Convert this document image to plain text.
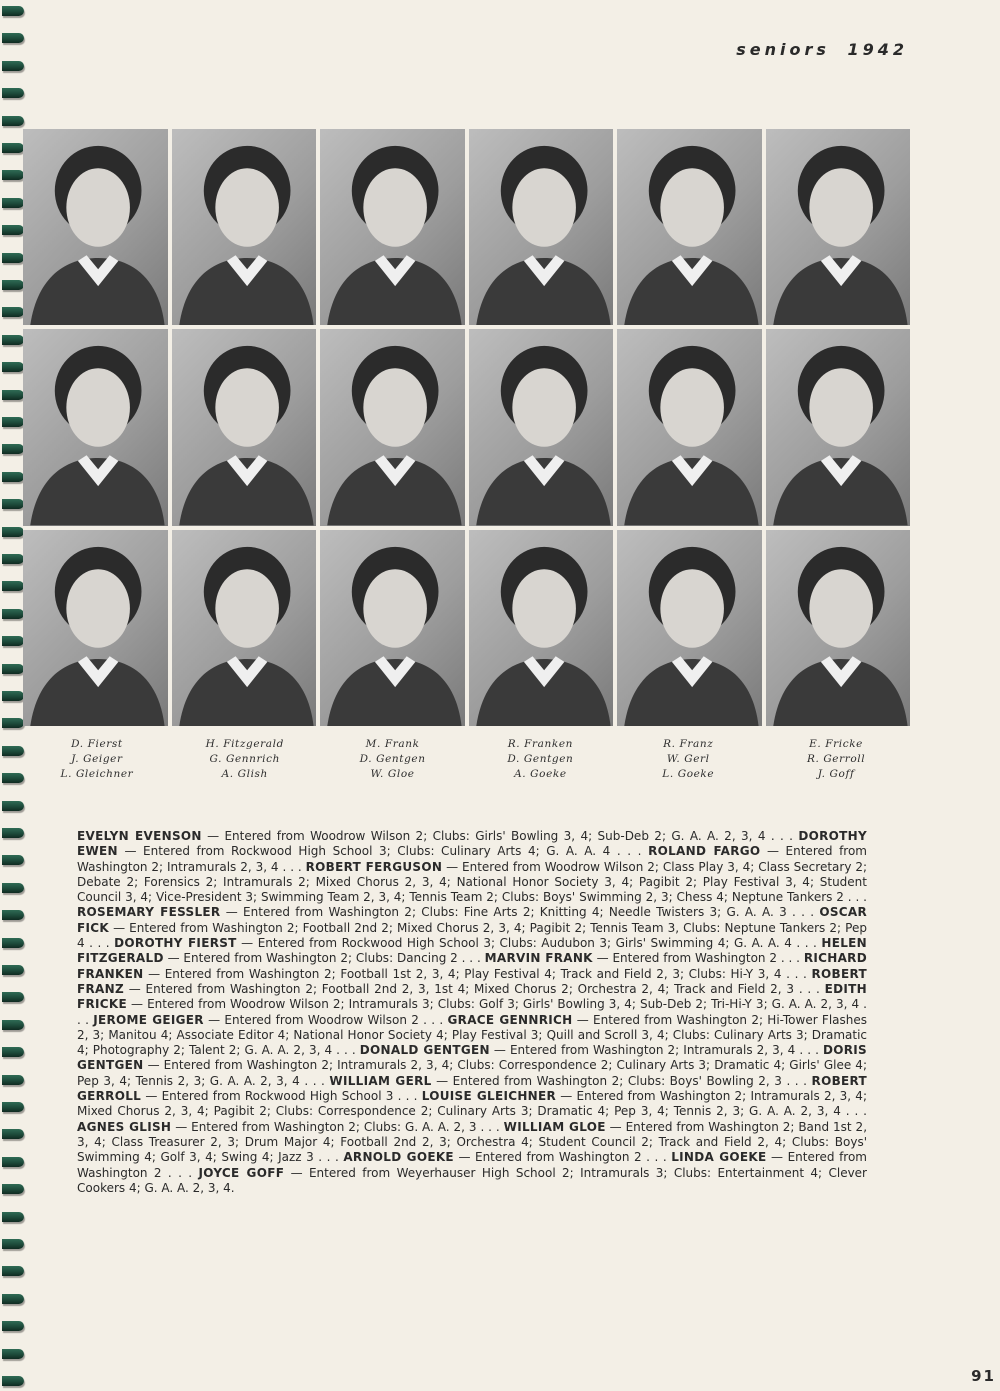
seniors 1942
D. Fierst
J. Geiger
L. Gleichner
H. Fitzgerald
G. Gennrich
A. Glish
M. Frank
D. Gentgen
W. Gloe
R. Franken
D. Gentgen
A. Goeke
R. Franz
W. Gerl
L. Goeke
E. Fricke
R. Gerroll
J. Goff
EVELYN EVENSON — Entered from Woodrow Wilson 2; Clubs: Girls' Bowling 3, 4; Sub-Deb 2; G. A. A. 2, 3, 4 . . . DOROTHY EWEN — Entered from Rockwood High School 3; Clubs: Culinary Arts 4; G. A. A. 4 . . . ROLAND FARGO — Entered from Washington 2; Intramurals 2, 3, 4 . . . ROBERT FERGUSON — Entered from Woodrow Wilson 2; Class Play 3, 4; Class Secretary 2; Debate 2; Forensics 2; Intramurals 2; Mixed Chorus 2, 3, 4; National Honor Society 3, 4; Pagibit 2; Play Festival 3, 4; Student Council 3, 4; Vice-President 3; Swimming Team 2, 3, 4; Tennis Team 2; Clubs: Boys' Swimming 2, 3; Chess 4; Neptune Tankers 2 . . . ROSEMARY FESSLER — Entered from Washington 2; Clubs: Fine Arts 2; Knitting 4; Needle Twisters 3; G. A. A. 3 . . . OSCAR FICK — Entered from Washington 2; Football 2nd 2; Mixed Chorus 2, 3, 4; Pagibit 2; Tennis Team 3, Clubs: Neptune Tankers 2; Pep 4 . . . DOROTHY FIERST — Entered from Rockwood High School 3; Clubs: Audubon 3; Girls' Swimming 4; G. A. A. 4 . . . HELEN FITZGERALD — Entered from Washington 2; Clubs: Dancing 2 . . . MARVIN FRANK — Entered from Washington 2 . . . RICHARD FRANKEN — Entered from Washington 2; Football 1st 2, 3, 4; Play Festival 4; Track and Field 2, 3; Clubs: Hi-Y 3, 4 . . . ROBERT FRANZ — Entered from Washington 2; Football 2nd 2, 3, 1st 4; Mixed Chorus 2; Orchestra 2, 4; Track and Field 2, 3 . . . EDITH FRICKE — Entered from Woodrow Wilson 2; Intramurals 3; Clubs: Golf 3; Girls' Bowling 3, 4; Sub-Deb 2; Tri-Hi-Y 3; G. A. A. 2, 3, 4 . . . JEROME GEIGER — Entered from Woodrow Wilson 2 . . . GRACE GENNRICH — Entered from Washington 2; Hi-Tower Flashes 2, 3; Manitou 4; Associate Editor 4; National Honor Society 4; Play Festival 3; Quill and Scroll 3, 4; Clubs: Culinary Arts 3; Dramatic 4; Photography 2; Talent 2; G. A. A. 2, 3, 4 . . . DONALD GENTGEN — Entered from Washington 2; Intramurals 2, 3, 4 . . . DORIS GENTGEN — Entered from Washington 2; Intramurals 2, 3, 4; Clubs: Correspondence 2; Culinary Arts 3; Dramatic 4; Girls' Glee 4; Pep 3, 4; Tennis 2, 3; G. A. A. 2, 3, 4 . . . WILLIAM GERL — Entered from Washington 2; Clubs: Boys' Bowling 2, 3 . . . ROBERT GERROLL — Entered from Rockwood High School 3 . . . LOUISE GLEICHNER — Entered from Washington 2; Intramurals 2, 3, 4; Mixed Chorus 2, 3, 4; Pagibit 2; Clubs: Correspondence 2; Culinary Arts 3; Dramatic 4; Pep 3, 4; Tennis 2, 3; G. A. A. 2, 3, 4 . . . AGNES GLISH — Entered from Washington 2; Clubs: G. A. A. 2, 3 . . . WILLIAM GLOE — Entered from Washington 2; Band 1st 2, 3, 4; Class Treasurer 2, 3; Drum Major 4; Football 2nd 2, 3; Orchestra 4; Student Council 2; Track and Field 2, 4; Clubs: Boys' Swimming 4; Golf 3, 4; Swing 4; Jazz 3 . . . ARNOLD GOEKE — Entered from Washington 2 . . . LINDA GOEKE — Entered from Washington 2 . . . JOYCE GOFF — Entered from Weyerhauser High School 2; Intramurals 3; Clubs: Entertainment 4; Clever Cookers 4; G. A. A. 2, 3, 4.
91
